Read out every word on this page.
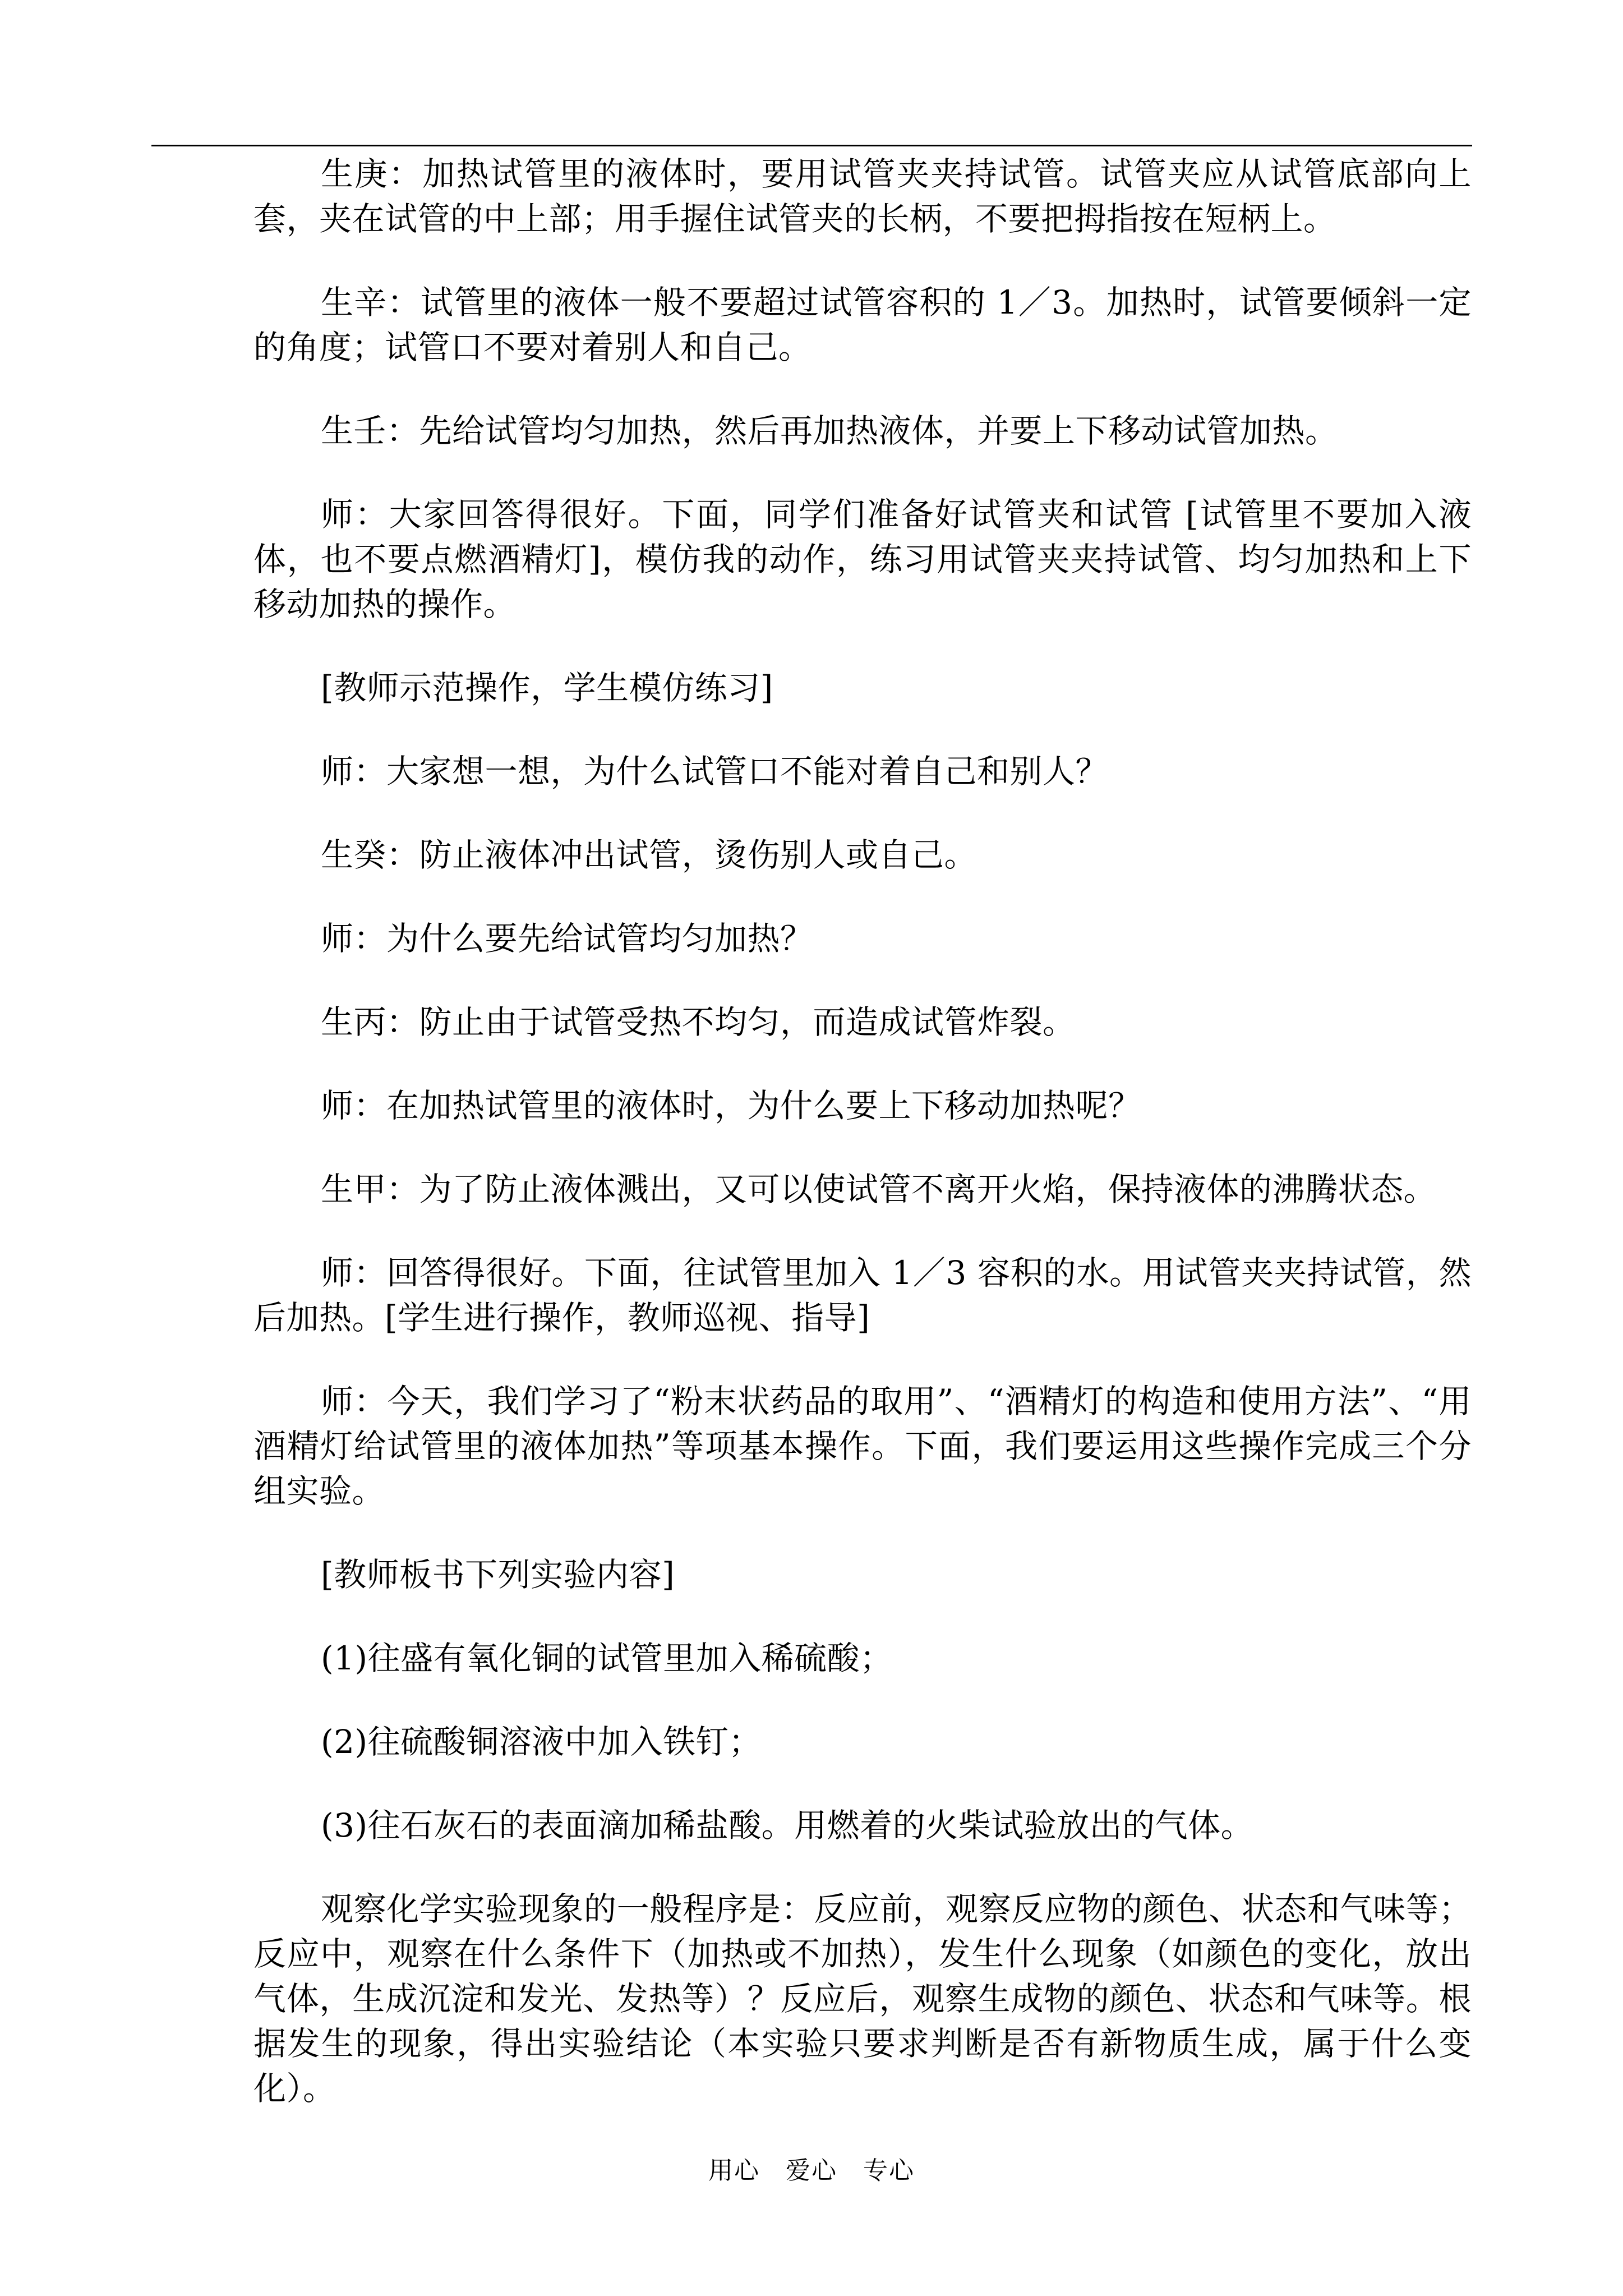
生庚：加热试管里的液体时，要用试管夹夹持试管。试管夹应从试管底部向上套，夹在试管的中上部；用手握住试管夹的长柄，不要把拇指按在短柄上。

生辛：试管里的液体一般不要超过试管容积的 1／3。加热时，试管要倾斜一定的角度；试管口不要对着别人和自己。

生壬：先给试管均匀加热，然后再加热液体，并要上下移动试管加热。

师：大家回答得很好。下面，同学们准备好试管夹和试管 [试管里不要加入液体，也不要点燃酒精灯]，模仿我的动作，练习用试管夹夹持试管、均匀加热和上下移动加热的操作。

[教师示范操作，学生模仿练习]

师：大家想一想，为什么试管口不能对着自己和别人？

生癸：防止液体冲出试管，烫伤别人或自己。

师：为什么要先给试管均匀加热？

生丙：防止由于试管受热不均匀，而造成试管炸裂。

师：在加热试管里的液体时，为什么要上下移动加热呢？

生甲：为了防止液体溅出，又可以使试管不离开火焰，保持液体的沸腾状态。

师：回答得很好。下面，往试管里加入 1／3 容积的水。用试管夹夹持试管，然后加热。[学生进行操作，教师巡视、指导]

师：今天，我们学习了“粉末状药品的取用”、“酒精灯的构造和使用方法”、“用酒精灯给试管里的液体加热”等项基本操作。下面，我们要运用这些操作完成三个分组实验。

[教师板书下列实验内容]

(1)往盛有氧化铜的试管里加入稀硫酸；

(2)往硫酸铜溶液中加入铁钉；

(3)往石灰石的表面滴加稀盐酸。用燃着的火柴试验放出的气体。

观察化学实验现象的一般程序是：反应前，观察反应物的颜色、状态和气味等；反应中，观察在什么条件下（加热或不加热），发生什么现象（如颜色的变化，放出气体，生成沉淀和发光、发热等）？反应后，观察生成物的颜色、状态和气味等。根据发生的现象，得出实验结论（本实验只要求判断是否有新物质生成，属于什么变化）。

用心　爱心　专心
